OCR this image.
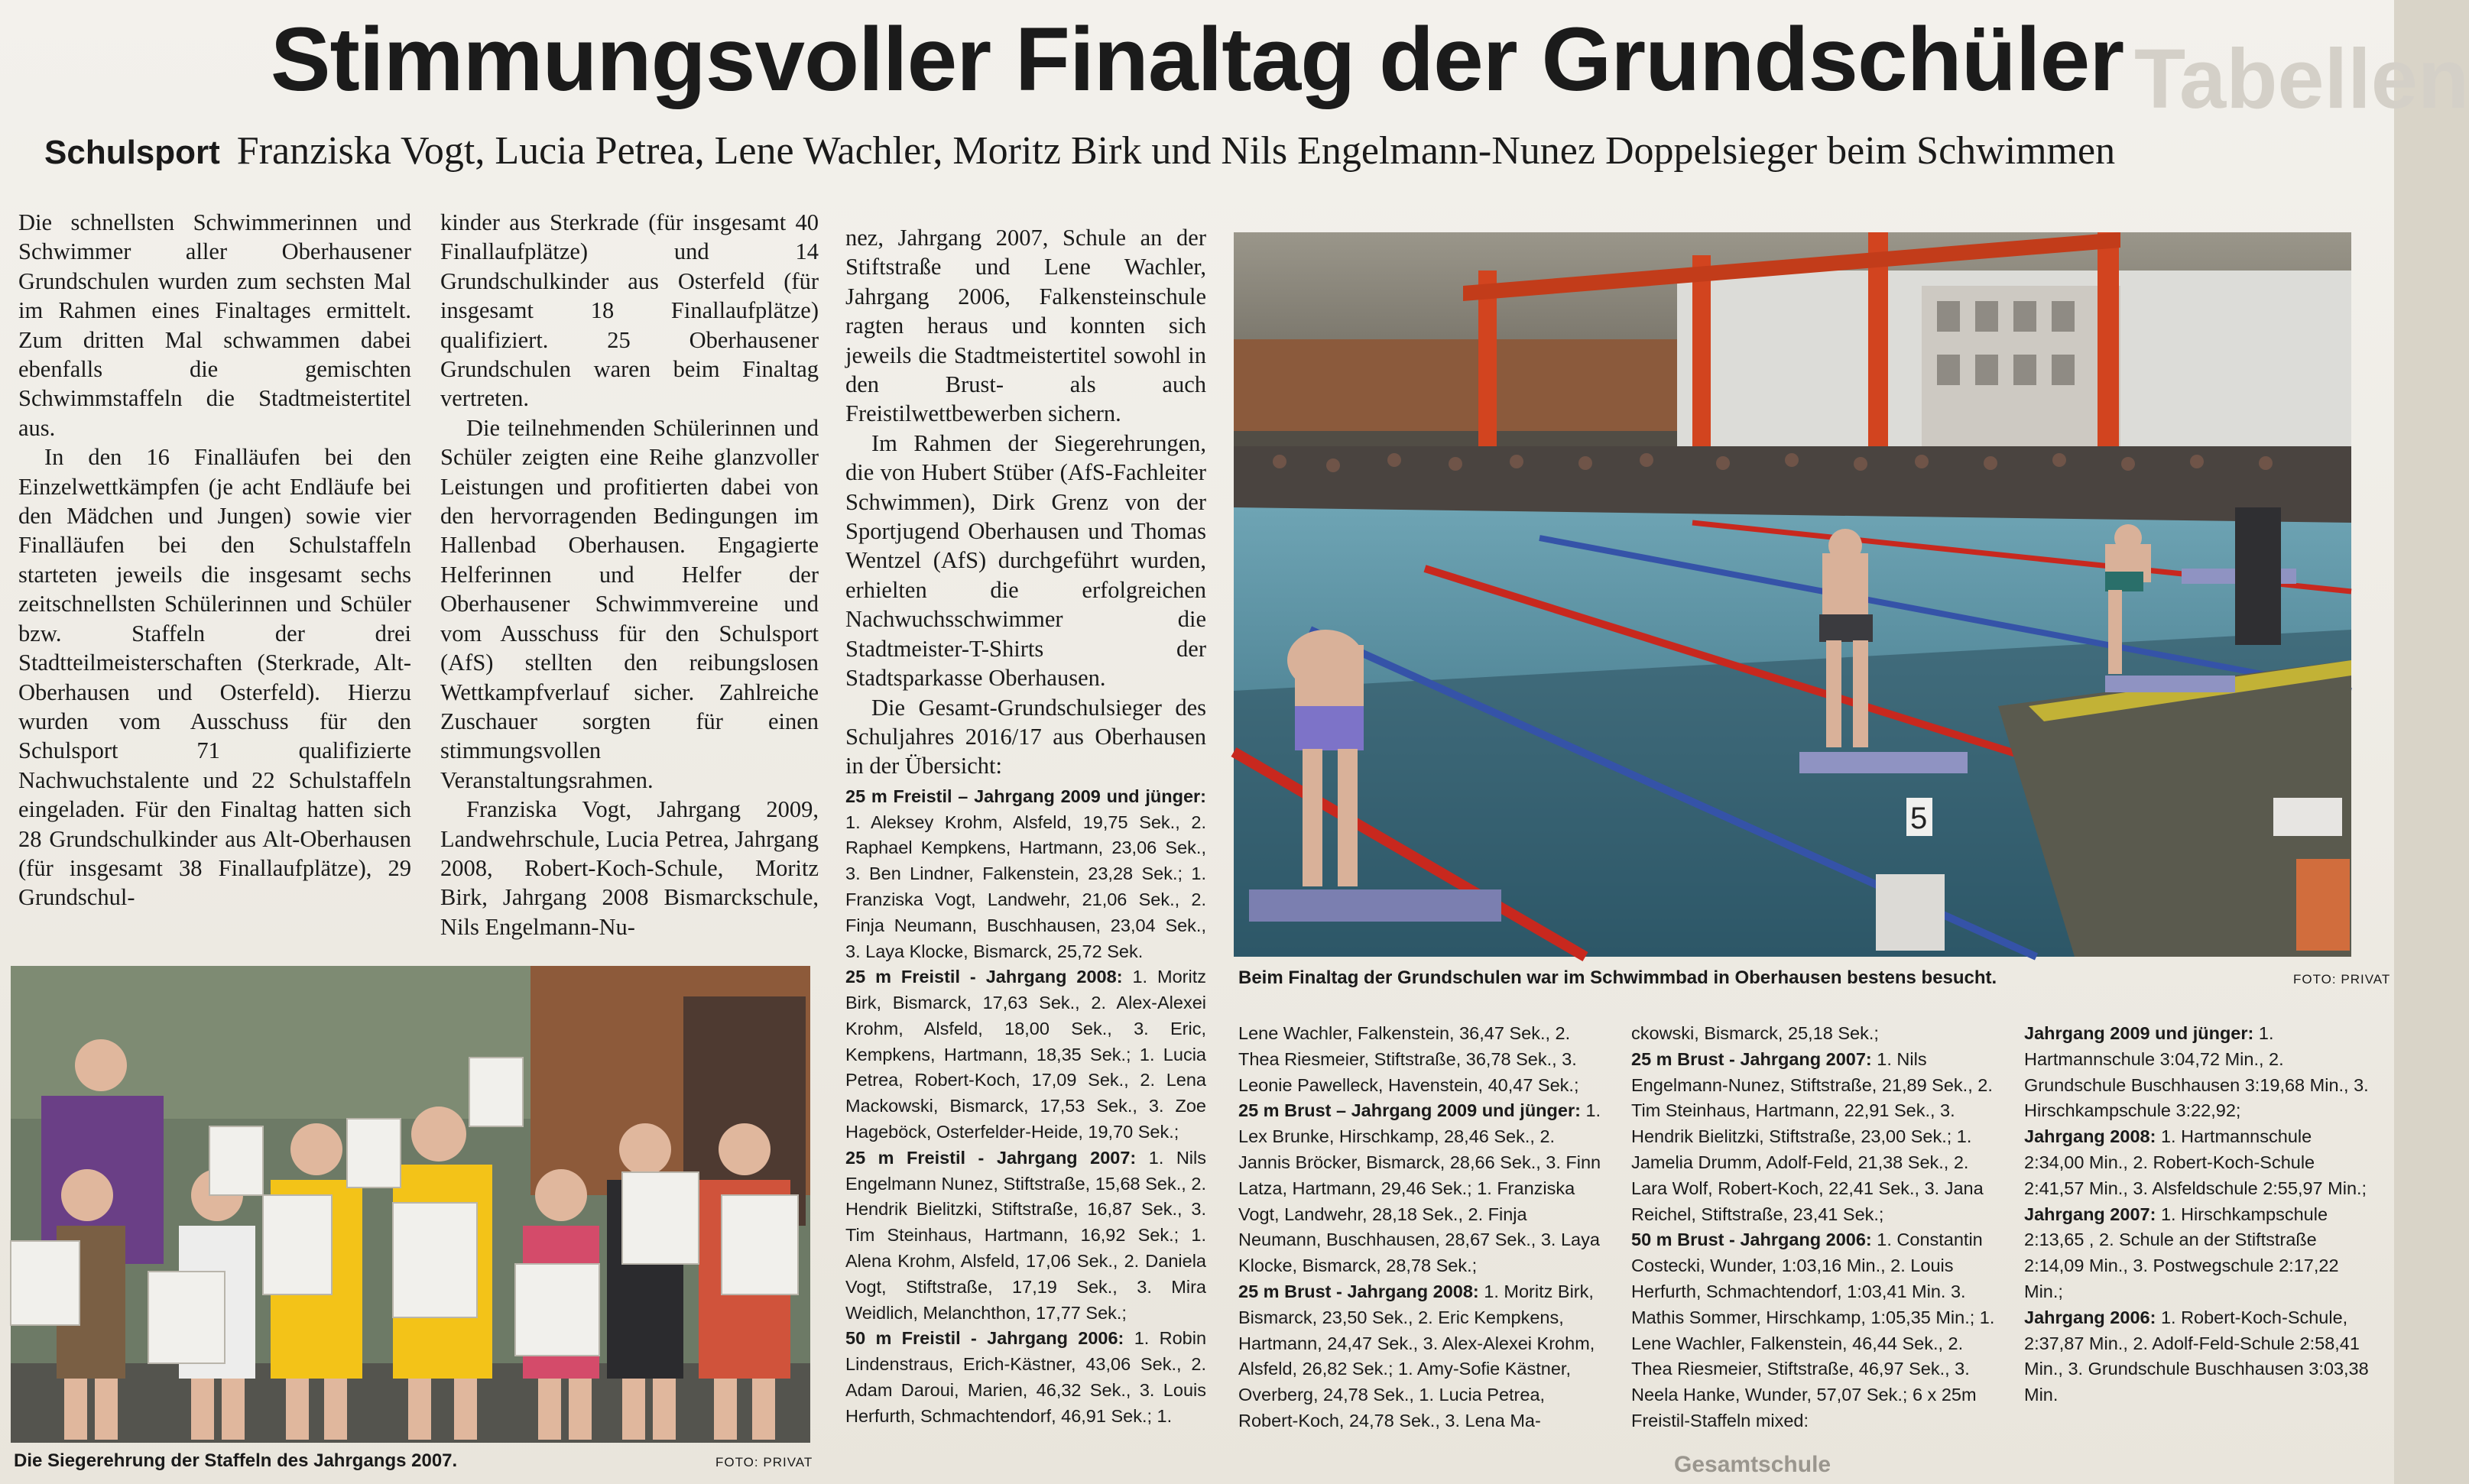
Tabellen
Stimmungsvoller Finaltag der Grundschüler
Schulsport Franziska Vogt, Lucia Petrea, Lene Wachler, Moritz Birk und Nils Engelmann-Nunez Doppelsieger beim Schwimmen

Die schnellsten Schwimmerinnen und Schwimmer aller Oberhausener Grundschulen wurden zum sechsten Mal im Rahmen eines Finaltages ermittelt. Zum dritten Mal schwammen dabei ebenfalls die gemischten Schwimmstaffeln die Stadtmeistertitel aus.

In den 16 Finalläufen bei den Einzelwettkämpfen (je acht Endläufe bei den Mädchen und Jungen) sowie vier Finalläufen bei den Schulstaffeln starteten jeweils die insgesamt sechs zeitschnellsten Schülerinnen und Schüler bzw. Staffeln der drei Stadtteilmeisterschaften (Sterkrade, Alt-Oberhausen und Osterfeld). Hierzu wurden vom Ausschuss für den Schulsport 71 qualifizierte Nachwuchstalente und 22 Schulstaffeln eingeladen. Für den Finaltag hatten sich 28 Grundschulkinder aus Alt-Oberhausen (für insgesamt 38 Finallaufplätze), 29 Grundschul-

kinder aus Sterkrade (für insgesamt 40 Finallaufplätze) und 14 Grundschulkinder aus Osterfeld (für insgesamt 18 Finallaufplätze) qualifiziert. 25 Oberhausener Grundschulen waren beim Finaltag vertreten.

Die teilnehmenden Schülerinnen und Schüler zeigten eine Reihe glanzvoller Leistungen und profitierten dabei von den hervorragenden Bedingungen im Hallenbad Oberhausen. Engagierte Helferinnen und Helfer der Oberhausener Schwimmvereine und vom Ausschuss für den Schulsport (AfS) stellten den reibungslosen Wettkampfverlauf sicher. Zahlreiche Zuschauer sorgten für einen stimmungsvollen Veranstaltungsrahmen.

Franziska Vogt, Jahrgang 2009, Landwehrschule, Lucia Petrea, Jahrgang 2008, Robert-Koch-Schule, Moritz Birk, Jahrgang 2008 Bismarckschule, Nils Engelmann-Nu-

nez, Jahrgang 2007, Schule an der Stiftstraße und Lene Wachler, Jahrgang 2006, Falkensteinschule ragten heraus und konnten sich jeweils die Stadtmeistertitel sowohl in den Brust- als auch Freistilwettbewerben sichern.

Im Rahmen der Siegerehrungen, die von Hubert Stüber (AfS-Fachleiter Schwimmen), Dirk Grenz von der Sportjugend Oberhausen und Thomas Wentzel (AfS) durchgeführt wurden, erhielten die erfolgreichen Nachwuchsschwimmer die Stadtmeister-T-Shirts der Stadtsparkasse Oberhausen.

Die Gesamt-Grundschulsieger des Schuljahres 2016/17 aus Oberhausen in der Übersicht:

25 m Freistil – Jahrgang 2009 und jünger: 1. Aleksey Krohm, Alsfeld, 19,75 Sek., 2. Raphael Kempkens, Hartmann, 23,06 Sek., 3. Ben Lindner, Falkenstein, 23,28 Sek.; 1. Franziska Vogt, Landwehr, 21,06 Sek., 2. Finja Neumann, Buschhausen, 23,04 Sek., 3. Laya Klocke, Bismarck, 25,72 Sek.

25 m Freistil - Jahrgang 2008: 1. Moritz Birk, Bismarck, 17,63 Sek., 2. Alex-Alexei Krohm, Alsfeld, 18,00 Sek., 3. Eric, Kempkens, Hartmann, 18,35 Sek.; 1. Lucia Petrea, Robert-Koch, 17,09 Sek., 2. Lena Mackowski, Bismarck, 17,53 Sek., 3. Zoe Hageböck, Osterfelder-Heide, 19,70 Sek.;

25 m Freistil - Jahrgang 2007: 1. Nils Engelmann Nunez, Stiftstraße, 15,68 Sek., 2. Hendrik Bielitzki, Stiftstraße, 16,87 Sek., 3. Tim Steinhaus, Hartmann, 16,92 Sek.; 1. Alena Krohm, Alsfeld, 17,06 Sek., 2. Daniela Vogt, Stiftstraße, 17,19 Sek., 3. Mira Weidlich, Melanchthon, 17,77 Sek.;

50 m Freistil - Jahrgang 2006: 1. Robin Lindenstraus, Erich-Kästner, 43,06 Sek., 2. Adam Daroui, Marien, 46,32 Sek., 3. Louis Herfurth, Schmachtendorf, 46,91 Sek.; 1.

Lene Wachler, Falkenstein, 36,47 Sek., 2. Thea Riesmeier, Stiftstraße, 36,78 Sek., 3. Leonie Pawelleck, Havenstein, 40,47 Sek.;

25 m Brust – Jahrgang 2009 und jünger: 1. Lex Brunke, Hirschkamp, 28,46 Sek., 2. Jannis Bröcker, Bismarck, 28,66 Sek., 3. Finn Latza, Hartmann, 29,46 Sek.; 1. Franziska Vogt, Landwehr, 28,18 Sek., 2. Finja Neumann, Buschhausen, 28,67 Sek., 3. Laya Klocke, Bismarck, 28,78 Sek.;

25 m Brust - Jahrgang 2008: 1. Moritz Birk, Bismarck, 23,50 Sek., 2. Eric Kempkens, Hartmann, 24,47 Sek., 3. Alex-Alexei Krohm, Alsfeld, 26,82 Sek.; 1. Amy-Sofie Kästner, Overberg, 24,78 Sek., 1. Lucia Petrea, Robert-Koch, 24,78 Sek., 3. Lena Ma-

ckowski, Bismarck, 25,18 Sek.;

25 m Brust - Jahrgang 2007: 1. Nils Engelmann-Nunez, Stiftstraße, 21,89 Sek., 2. Tim Steinhaus, Hartmann, 22,91 Sek., 3. Hendrik Bielitzki, Stiftstraße, 23,00 Sek.; 1. Jamelia Drumm, Adolf-Feld, 21,38 Sek., 2. Lara Wolf, Robert-Koch, 22,41 Sek., 3. Jana Reichel, Stiftstraße, 23,41 Sek.;

50 m Brust - Jahrgang 2006: 1. Constantin Costecki, Wunder, 1:03,16 Min., 2. Louis Herfurth, Schmachtendorf, 1:03,41 Min. 3. Mathis Sommer, Hirschkamp, 1:05,35 Min.; 1. Lene Wachler, Falkenstein, 46,44 Sek., 2. Thea Riesmeier, Stiftstraße, 46,97 Sek., 3. Neela Hanke, Wunder, 57,07 Sek.; 6 x 25m Freistil-Staffeln mixed:

Jahrgang 2009 und jünger: 1. Hartmannschule 3:04,72 Min., 2. Grundschule Buschhausen 3:19,68 Min., 3. Hirschkampschule 3:22,92;

Jahrgang 2008: 1. Hartmannschule 2:34,00 Min., 2. Robert-Koch-Schule 2:41,57 Min., 3. Alsfeldschule 2:55,97 Min.;

Jahrgang 2007: 1. Hirschkampschule 2:13,65 , 2. Schule an der Stiftstraße 2:14,09 Min., 3. Postwegschule 2:17,22 Min.;

Jahrgang 2006: 1. Robert-Koch-Schule, 2:37,87 Min., 2. Adolf-Feld-Schule 2:58,41 Min., 3. Grundschule Buschhausen 3:03,38 Min.

5
Beim Finaltag der Grundschulen war im Schwimmbad in Oberhausen bestens besucht.	FOTO: PRIVAT
Die Siegerehrung der Staffeln des Jahrgangs 2007.	FOTO: PRIVAT	Gesamtschule
